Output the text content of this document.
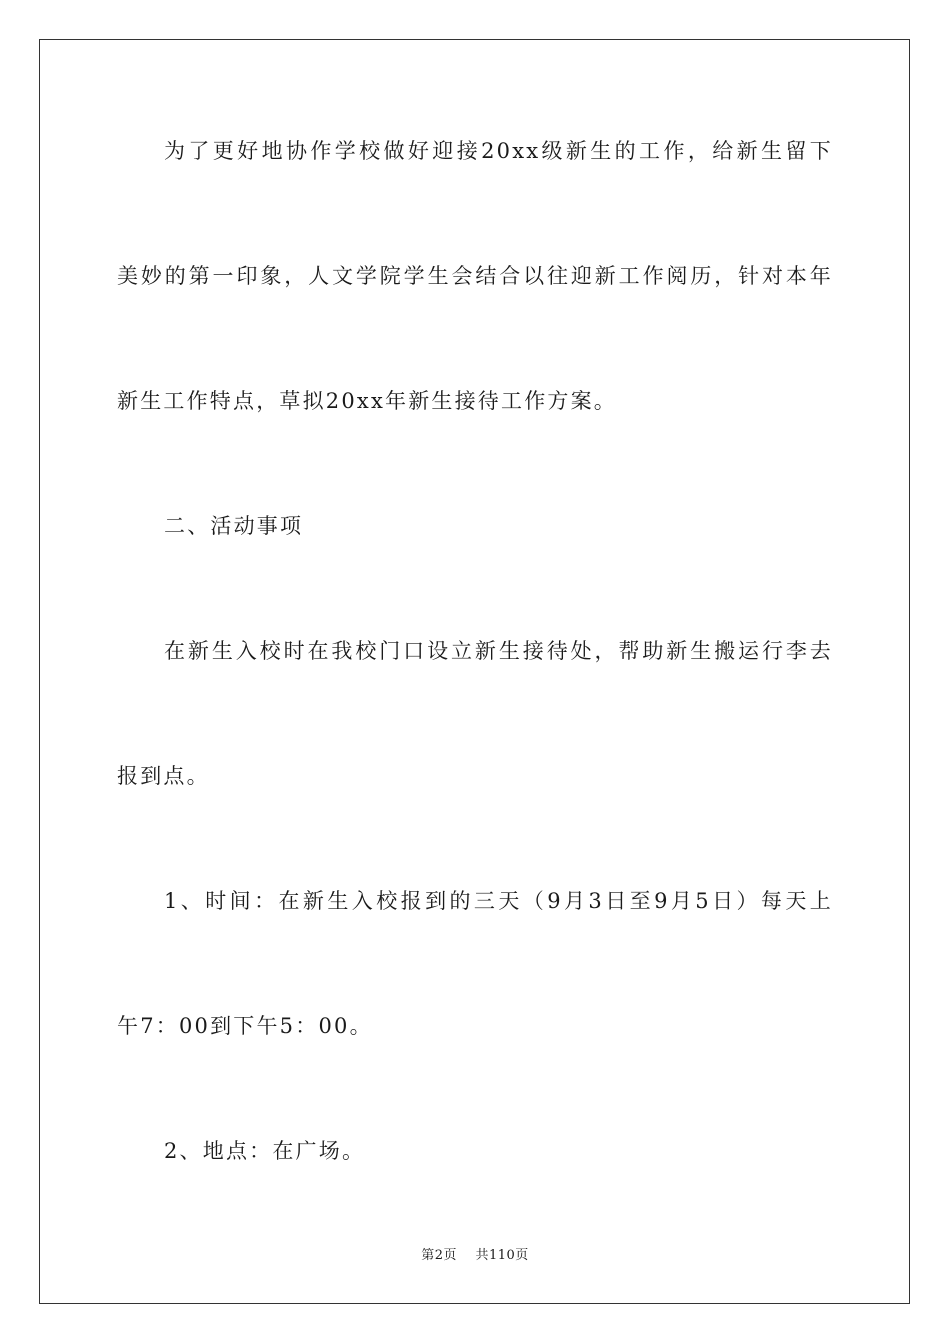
为了更好地协作学校做好迎接20xx级新生的工作，给新生留下
美妙的第一印象，人文学院学生会结合以往迎新工作阅历，针对本年
新生工作特点，草拟20xx年新生接待工作方案。
二、活动事项
在新生入校时在我校门口设立新生接待处，帮助新生搬运行李去
报到点。
1、时间：在新生入校报到的三天（9月3日至9月5日）每天上
午7：00到下午5：00。
2、地点：在广场。
第2页    共110页
